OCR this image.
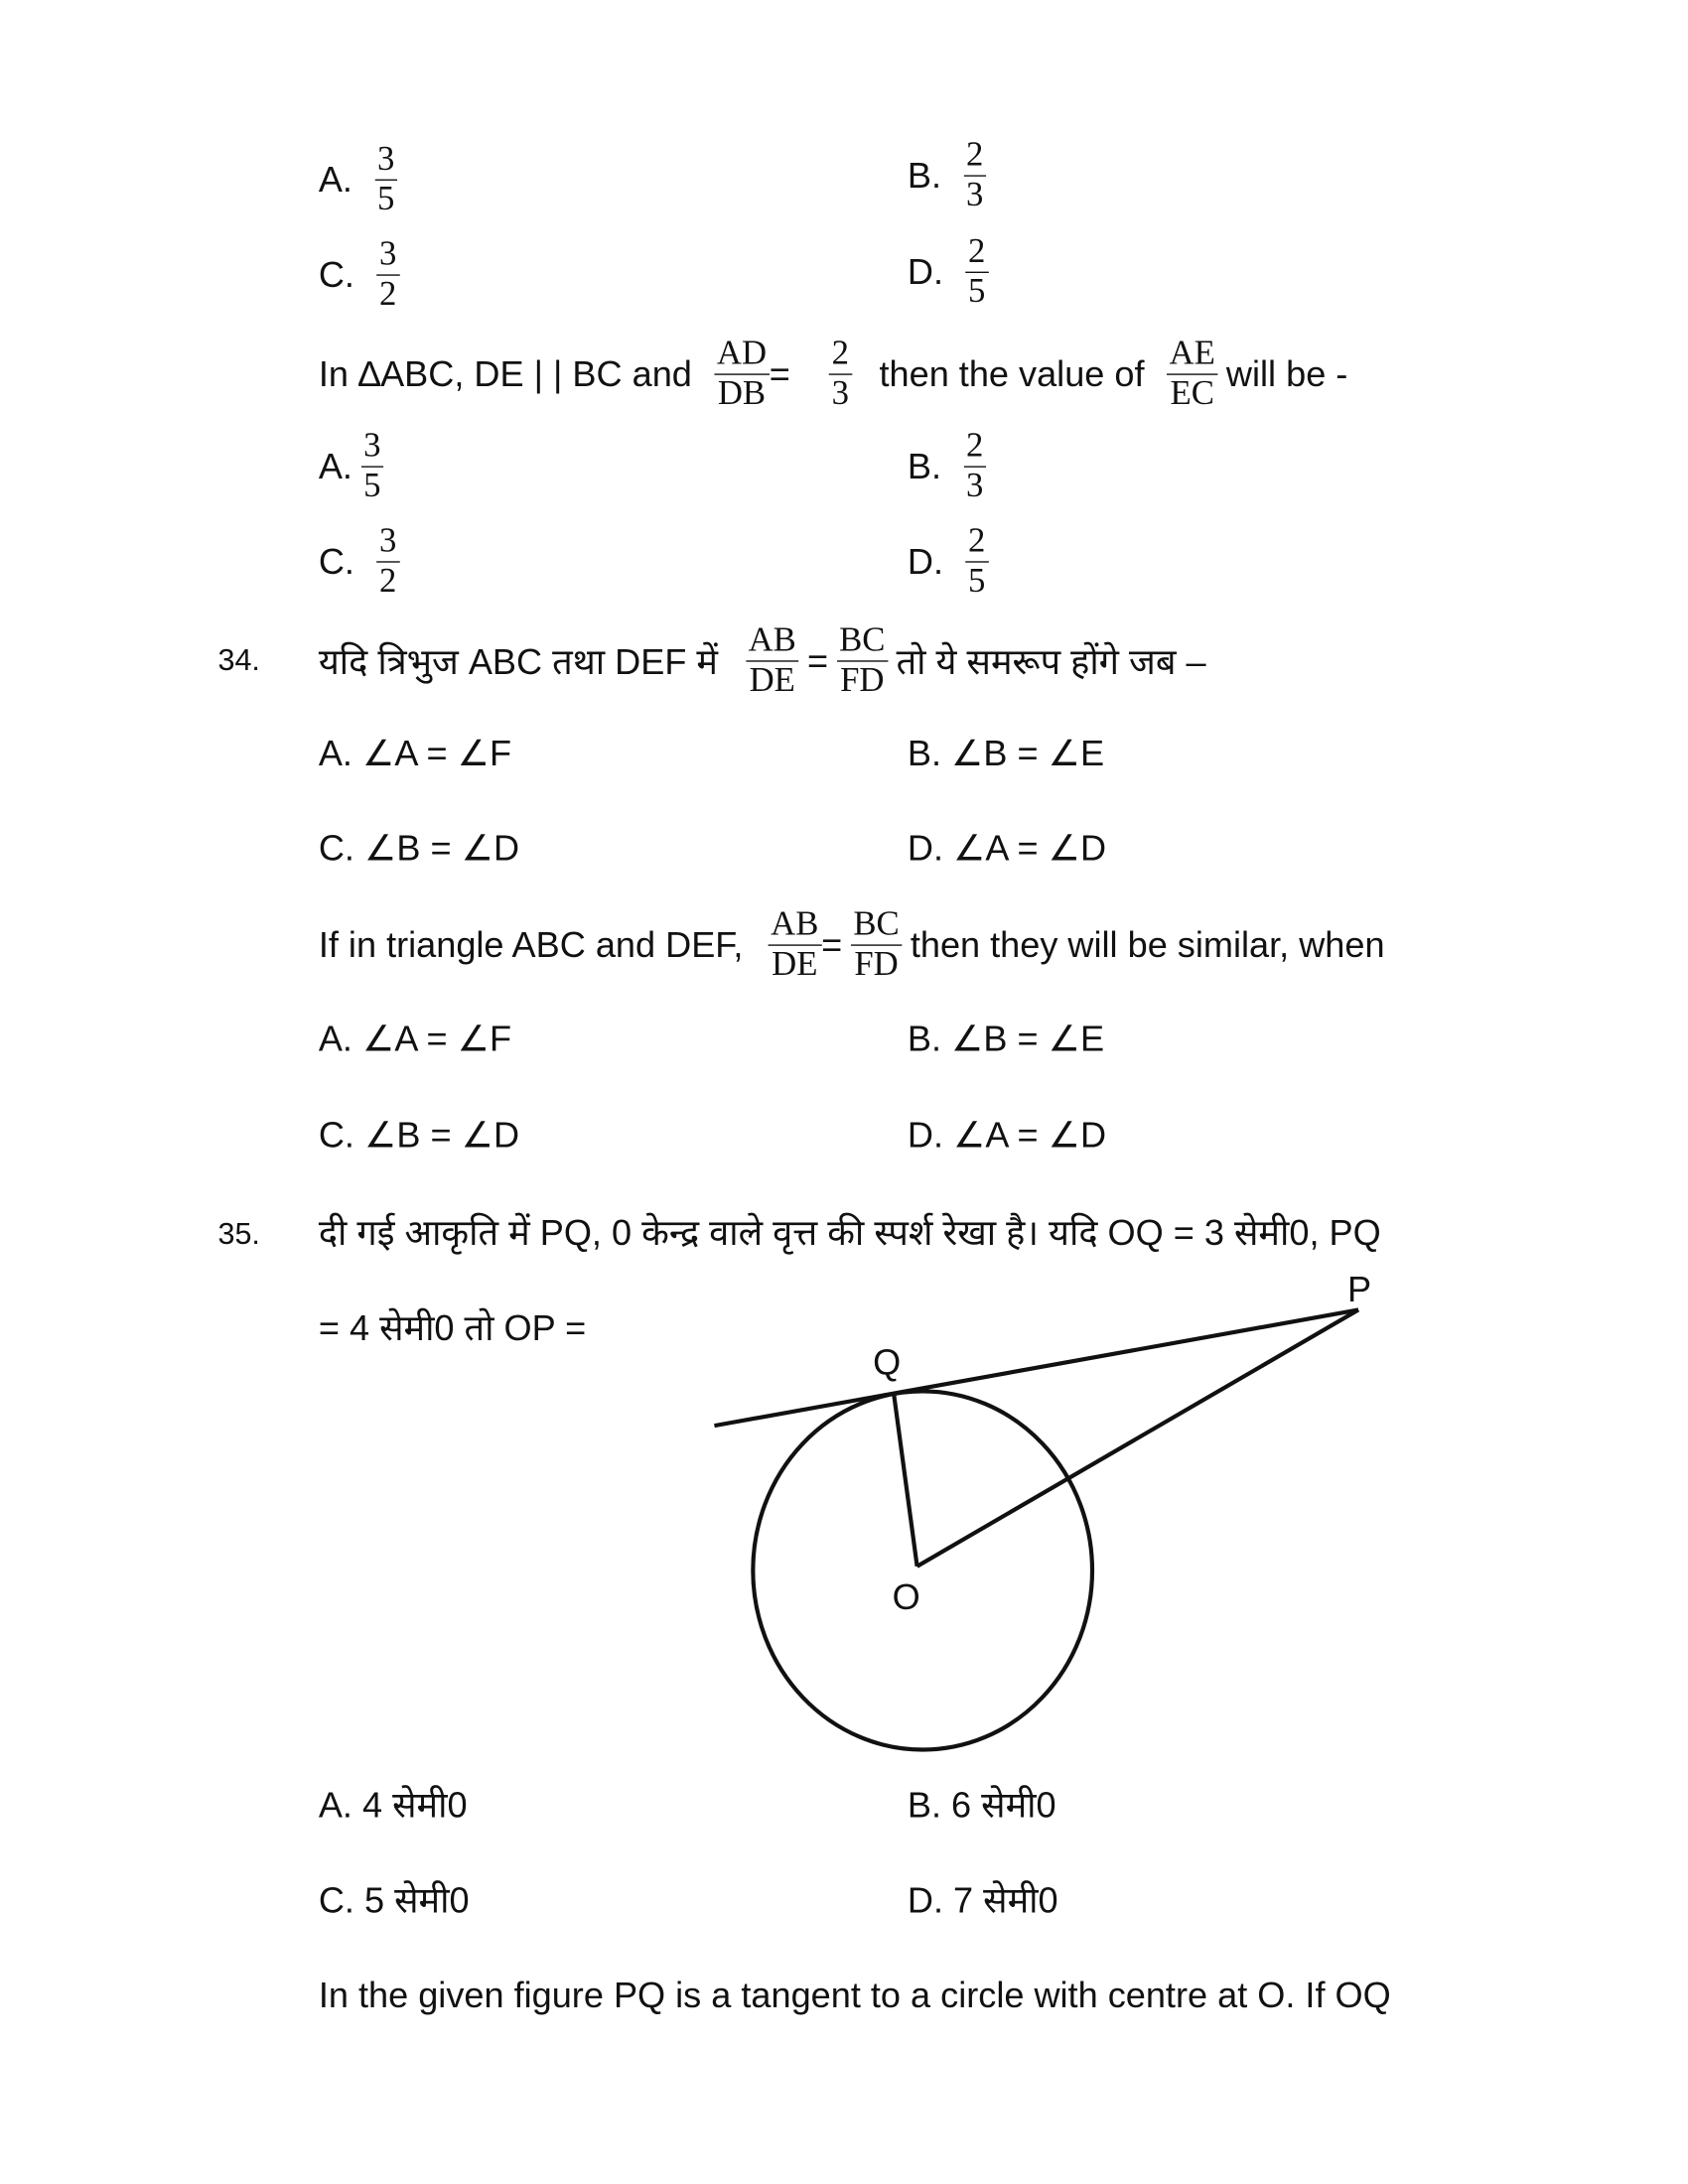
A. $\frac{3}{5}$	B. $\frac{2}{3}$
C. $\frac{3}{2}$	D. $\frac{2}{5}$
In ∆ABC, DE | | BC and $\frac{AD}{DB} = \frac{2}{3}$ then the value of $\frac{AE}{EC}$ will be -
A. $\frac{3}{5}$	B. $\frac{2}{3}$
C. $\frac{3}{2}$	D. $\frac{2}{5}$
34. यदि त्रिभुज ABC तथा DEF में $\frac{AB}{DE} = \frac{BC}{FD}$ तो ये समरूप होंगे जब –
A. ∠A = ∠F	B. ∠B = ∠E
C. ∠B = ∠D	D. ∠A = ∠D
If in triangle ABC and DEF, $\frac{AB}{DE} = \frac{BC}{FD}$ then they will be similar, when
A. ∠A = ∠F	B. ∠B = ∠E
C. ∠B = ∠D	D. ∠A = ∠D
35. दी गई आकृति में PQ, 0 केन्द्र वाले वृत्त की स्पर्श रेखा है। यदि OQ = 3 सेमी0, PQ
= 4 सेमी0 तो OP =
P
Q
O
A. 4 सेमी0	B. 6 सेमी0
C. 5 सेमी0	D. 7 सेमी0
In the given figure PQ is a tangent to a circle with centre at O. If OQ
